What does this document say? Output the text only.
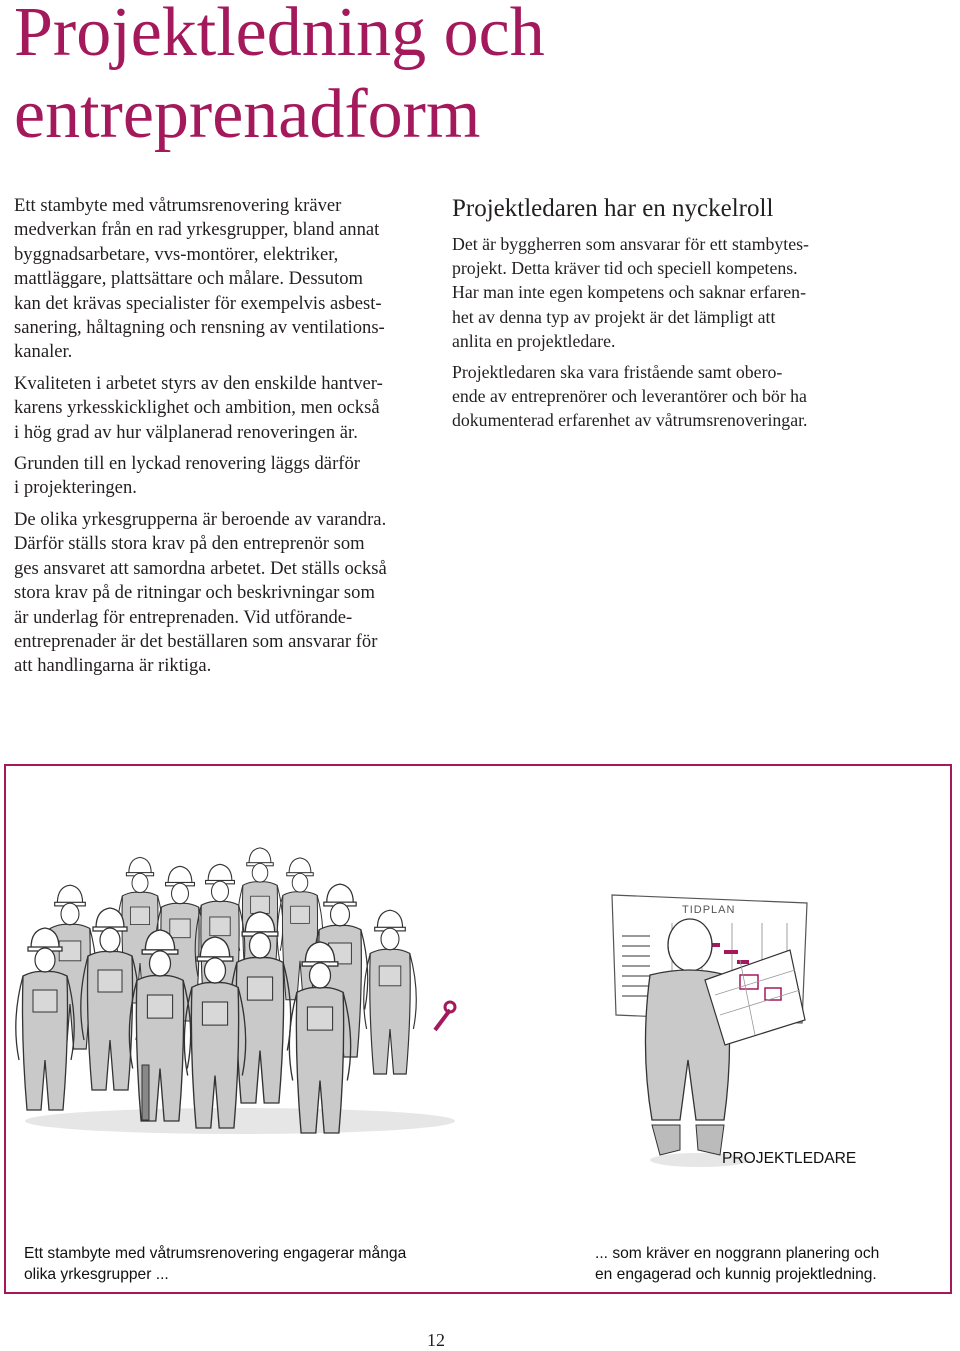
Projektledning och
entreprenadform

Ett stambyte med våtrumsrenovering kräver
medverkan från en rad yrkesgrupper, bland annat
byggnadsarbetare, vvs-montörer, elektriker,
mattläggare, plattsättare och målare. Dessutom
kan det krävas specialister för exempelvis asbest-
sanering, håltagning och rensning av ventilations-
kanaler.

Kvaliteten i arbetet styrs av den enskilde hantver-
karens yrkesskicklighet och ambition, men också
i hög grad av hur välplanerad renoveringen är.

Grunden till en lyckad renovering läggs därför
i projekteringen.

De olika yrkesgrupperna är beroende av varandra.
Därför ställs stora krav på den entreprenör som
ges ansvaret att samordna arbetet. Det ställs också
stora krav på de ritningar och beskrivningar som
är underlag för entreprenaden. Vid utförande-
entreprenader är det beställaren som ansvarar för
att handlingarna är riktiga.

Projektledaren har en nyckelroll

Det är byggherren som ansvarar för ett stambytes-
projekt. Detta kräver tid och speciell kompetens.
Har man inte egen kompetens och saknar erfaren-
het av denna typ av projekt är det lämpligt att
anlita en projektledare.

Projektledaren ska vara fristående samt obero-
ende av entreprenörer och leverantörer och bör ha
dokumenterad erfarenhet av våtrumsrenoveringar.

TIDPLAN
PROJEKTLEDARE
Ett stambyte med våtrumsrenovering engagerar många
olika yrkesgrupper ...
... som kräver en noggrann planering och
en engagerad och kunnig projektledning.
12
